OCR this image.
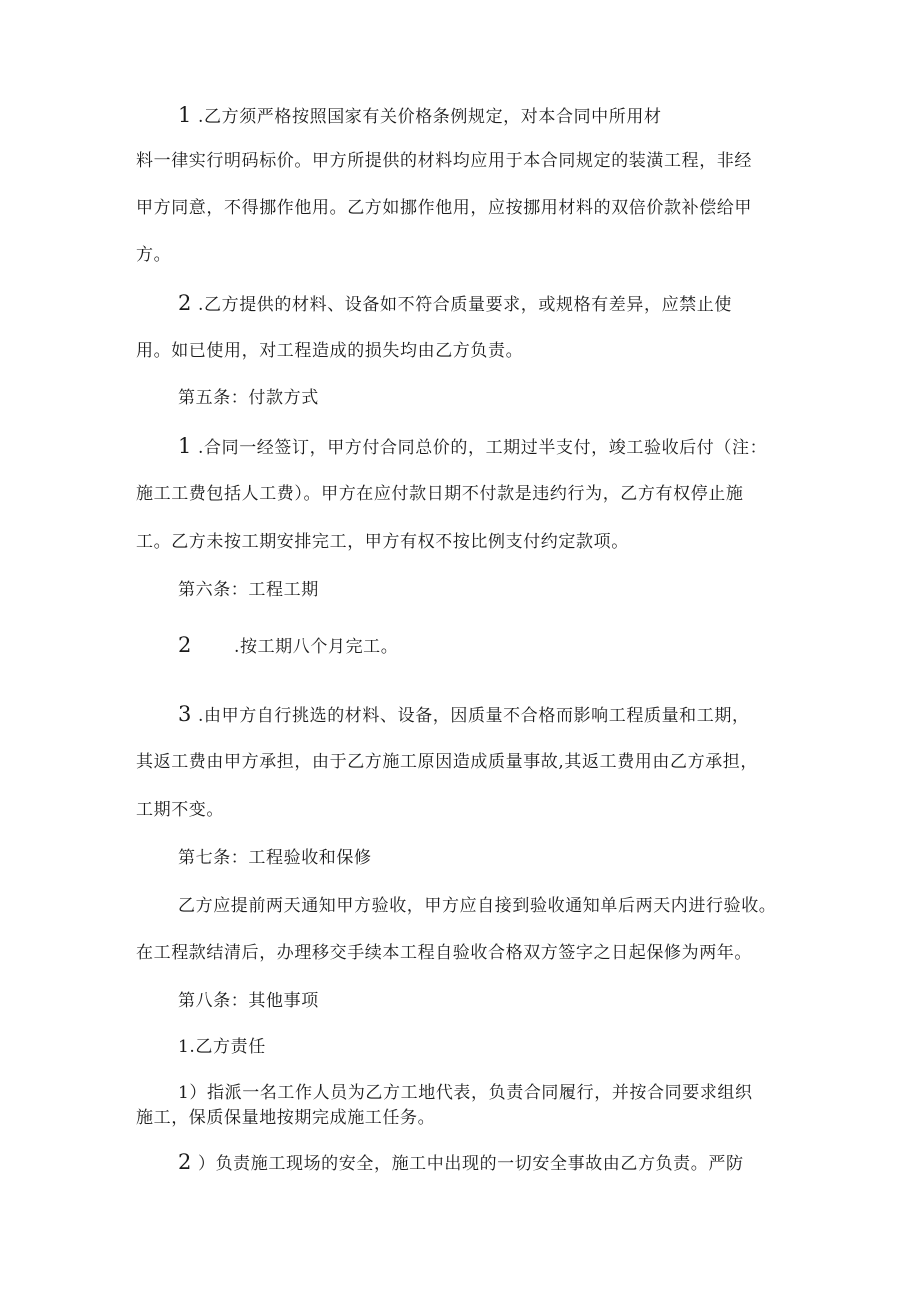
1 .乙方须严格按照国家有关价格条例规定，对本合同中所用材
料一律实行明码标价。甲方所提供的材料均应用于本合同规定的装潢工程，非经
甲方同意，不得挪作他用。乙方如挪作他用，应按挪用材料的双倍价款补偿给甲
方。
2 .乙方提供的材料、设备如不符合质量要求，或规格有差异，应禁止使
用。如已使用，对工程造成的损失均由乙方负责。
第五条：付款方式
1 .合同一经签订，甲方付合同总价的，工期过半支付，竣工验收后付（注：
施工工费包括人工费）。甲方在应付款日期不付款是违约行为，乙方有权停止施
工。乙方未按工期安排完工，甲方有权不按比例支付约定款项。
第六条：工程工期
2 .按工期八个月完工。
3 .由甲方自行挑选的材料、设备，因质量不合格而影响工程质量和工期，
其返工费由甲方承担，由于乙方施工原因造成质量事故,其返工费用由乙方承担，
工期不变。
第七条：工程验收和保修
乙方应提前两天通知甲方验收，甲方应自接到验收通知单后两天内进行验收。
在工程款结清后，办理移交手续本工程自验收合格双方签字之日起保修为两年。
第八条：其他事项
1.乙方责任
1）指派一名工作人员为乙方工地代表，负责合同履行，并按合同要求组织
施工，保质保量地按期完成施工任务。
2 ）负责施工现场的安全，施工中出现的一切安全事故由乙方负责。严防
